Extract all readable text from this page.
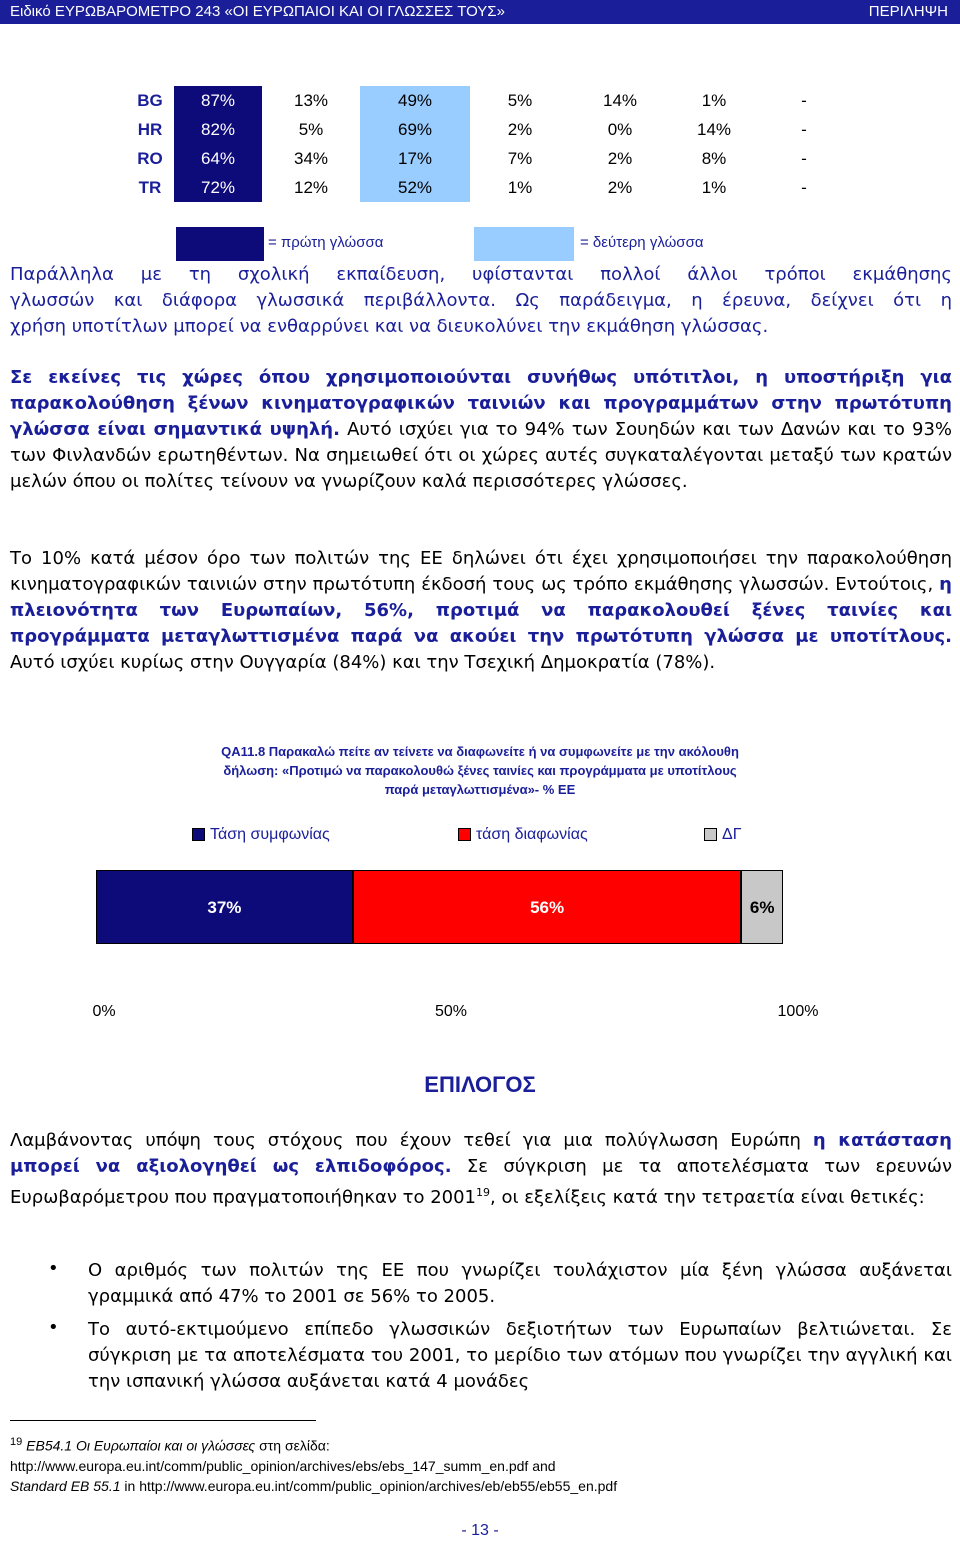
Ειδικό ΕΥΡΩΒΑΡΟΜΕΤΡΟ 243 «ΟΙ ΕΥΡΩΠΑΙΟΙ ΚΑΙ ΟΙ ΓΛΩΣΣΕΣ ΤΟΥΣ»	ΠΕΡΙΛΗΨΗ
BG	87%	13%	49%	5%	14%	1%	-
HR	82%	5%	69%	2%	0%	14%	-
RO	64%	34%	17%	7%	2%	8%	-
TR	72%	12%	52%	1%	2%	1%	-
= πρώτη γλώσσα	= δεύτερη γλώσσα
Παράλληλα με τη σχολική εκπαίδευση, υφίστανται πολλοί άλλοι τρόποι εκμάθησης
γλωσσών και διάφορα γλωσσικά περιβάλλοντα. Ως παράδειγμα, η έρευνα, δείχνει ότι η
χρήση υποτίτλων μπορεί να ενθαρρύνει και να διευκολύνει την εκμάθηση γλώσσας.
Σε εκείνες τις χώρες όπου χρησιμοποιούνται συνήθως υπότιτλοι, η υποστήριξη για παρακολούθηση ξένων κινηματογραφικών ταινιών και προγραμμάτων στην πρωτότυπη γλώσσα είναι σημαντικά υψηλή. Αυτό ισχύει για το 94% των Σουηδών και των Δανών και το 93% των Φινλανδών ερωτηθέντων. Να σημειωθεί ότι οι χώρες αυτές συγκαταλέγονται μεταξύ των κρατών μελών όπου οι πολίτες τείνουν να γνωρίζουν καλά περισσότερες γλώσσες.
Το 10% κατά μέσον όρο των πολιτών της ΕΕ δηλώνει ότι έχει χρησιμοποιήσει την παρακολούθηση κινηματογραφικών ταινιών στην πρωτότυπη έκδοσή τους ως τρόπο εκμάθησης γλωσσών. Εντούτοις, η πλειονότητα των Ευρωπαίων, 56%, προτιμά να παρακολουθεί ξένες ταινίες και προγράμματα μεταγλωττισμένα παρά να ακούει την πρωτότυπη γλώσσα με υποτίτλους. Αυτό ισχύει κυρίως στην Ουγγαρία (84%) και την Τσεχική Δημοκρατία (78%).
QA11.8 Παρακαλώ πείτε αν τείνετε να διαφωνείτε ή να συμφωνείτε με την ακόλουθη
δήλωση: «Προτιμώ να παρακολουθώ ξένες ταινίες και προγράμματα με υποτίτλους
παρά μεταγλωττισμένα»- % ΕΕ
Τάση συμφωνίας	τάση διαφωνίας	ΔΓ
37%	56%	6%
0%	50%	100%
ΕΠΙΛΟΓΟΣ
Λαμβάνοντας υπόψη τους στόχους που έχουν τεθεί για μια πολύγλωσση Ευρώπη η κατάσταση μπορεί να αξιολογηθεί ως ελπιδοφόρος. Σε σύγκριση με τα αποτελέσματα των ερευνών Ευρωβαρόμετρου που πραγματοποιήθηκαν το 2001$^{19}$, οι εξελίξεις κατά την τετραετία είναι θετικές:
• Ο αριθμός των πολιτών της ΕΕ που γνωρίζει τουλάχιστον μία ξένη γλώσσα αυξάνεται γραμμικά από 47% το 2001 σε 56% το 2005.
• Το αυτό-εκτιμούμενο επίπεδο γλωσσικών δεξιοτήτων των Ευρωπαίων βελτιώνεται. Σε σύγκριση με τα αποτελέσματα του 2001, το μερίδιο των ατόμων που γνωρίζει την αγγλική και την ισπανική γλώσσα αυξάνεται κατά 4 μονάδες
$^{19}$ EB54.1 Οι Ευρωπαίοι και οι γλώσσες στη σελίδα:
http://www.europa.eu.int/comm/public_opinion/archives/ebs/ebs_147_summ_en.pdf and
Standard EB 55.1 in http://www.europa.eu.int/comm/public_opinion/archives/eb/eb55/eb55_en.pdf
- 13 -
